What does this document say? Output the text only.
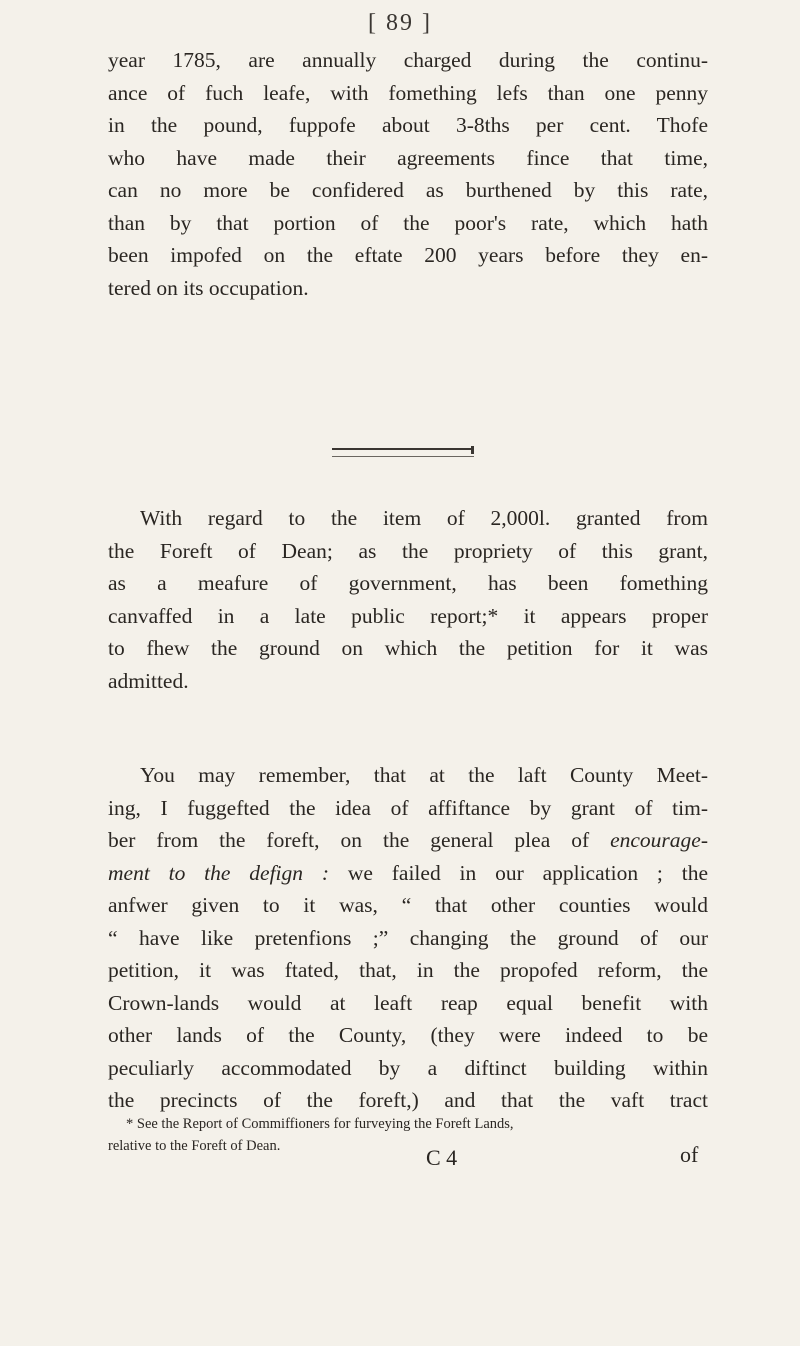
[ 89 ]
year 1785, are annually charged during the continu-
ance of fuch leafe, with fomething lefs than one penny
in the pound, fuppofe about 3-8ths per cent. Thofe
who have made their agreements fince that time,
can no more be confidered as burthened by this rate,
than by that portion of the poor's rate, which hath
been impofed on the eftate 200 years before they en-
tered on its occupation.
With regard to the item of 2,000l. granted from
the Foreft of Dean; as the propriety of this grant,
as a meafure of government, has been fomething
canvaffed in a late public report;* it appears proper
to fhew the ground on which the petition for it was
admitted.
You may remember, that at the laft County Meet-
ing, I fuggefted the idea of affiftance by grant of tim-
ber from the foreft, on the general plea of encourage-
ment to the defign : we failed in our application ; the
anfwer given to it was, “ that other counties would
“ have like pretenfions ;” changing the ground of our
petition, it was ftated, that, in the propofed reform, the
Crown-lands would at leaft reap equal benefit with
other lands of the County, (they were indeed to be
peculiarly accommodated by a diftinct building within
the precincts of the foreft,) and that the vaft tract
* See the Report of Commiffioners for furveying the Foreft Lands,
relative to the Foreft of Dean.	C 4	of
